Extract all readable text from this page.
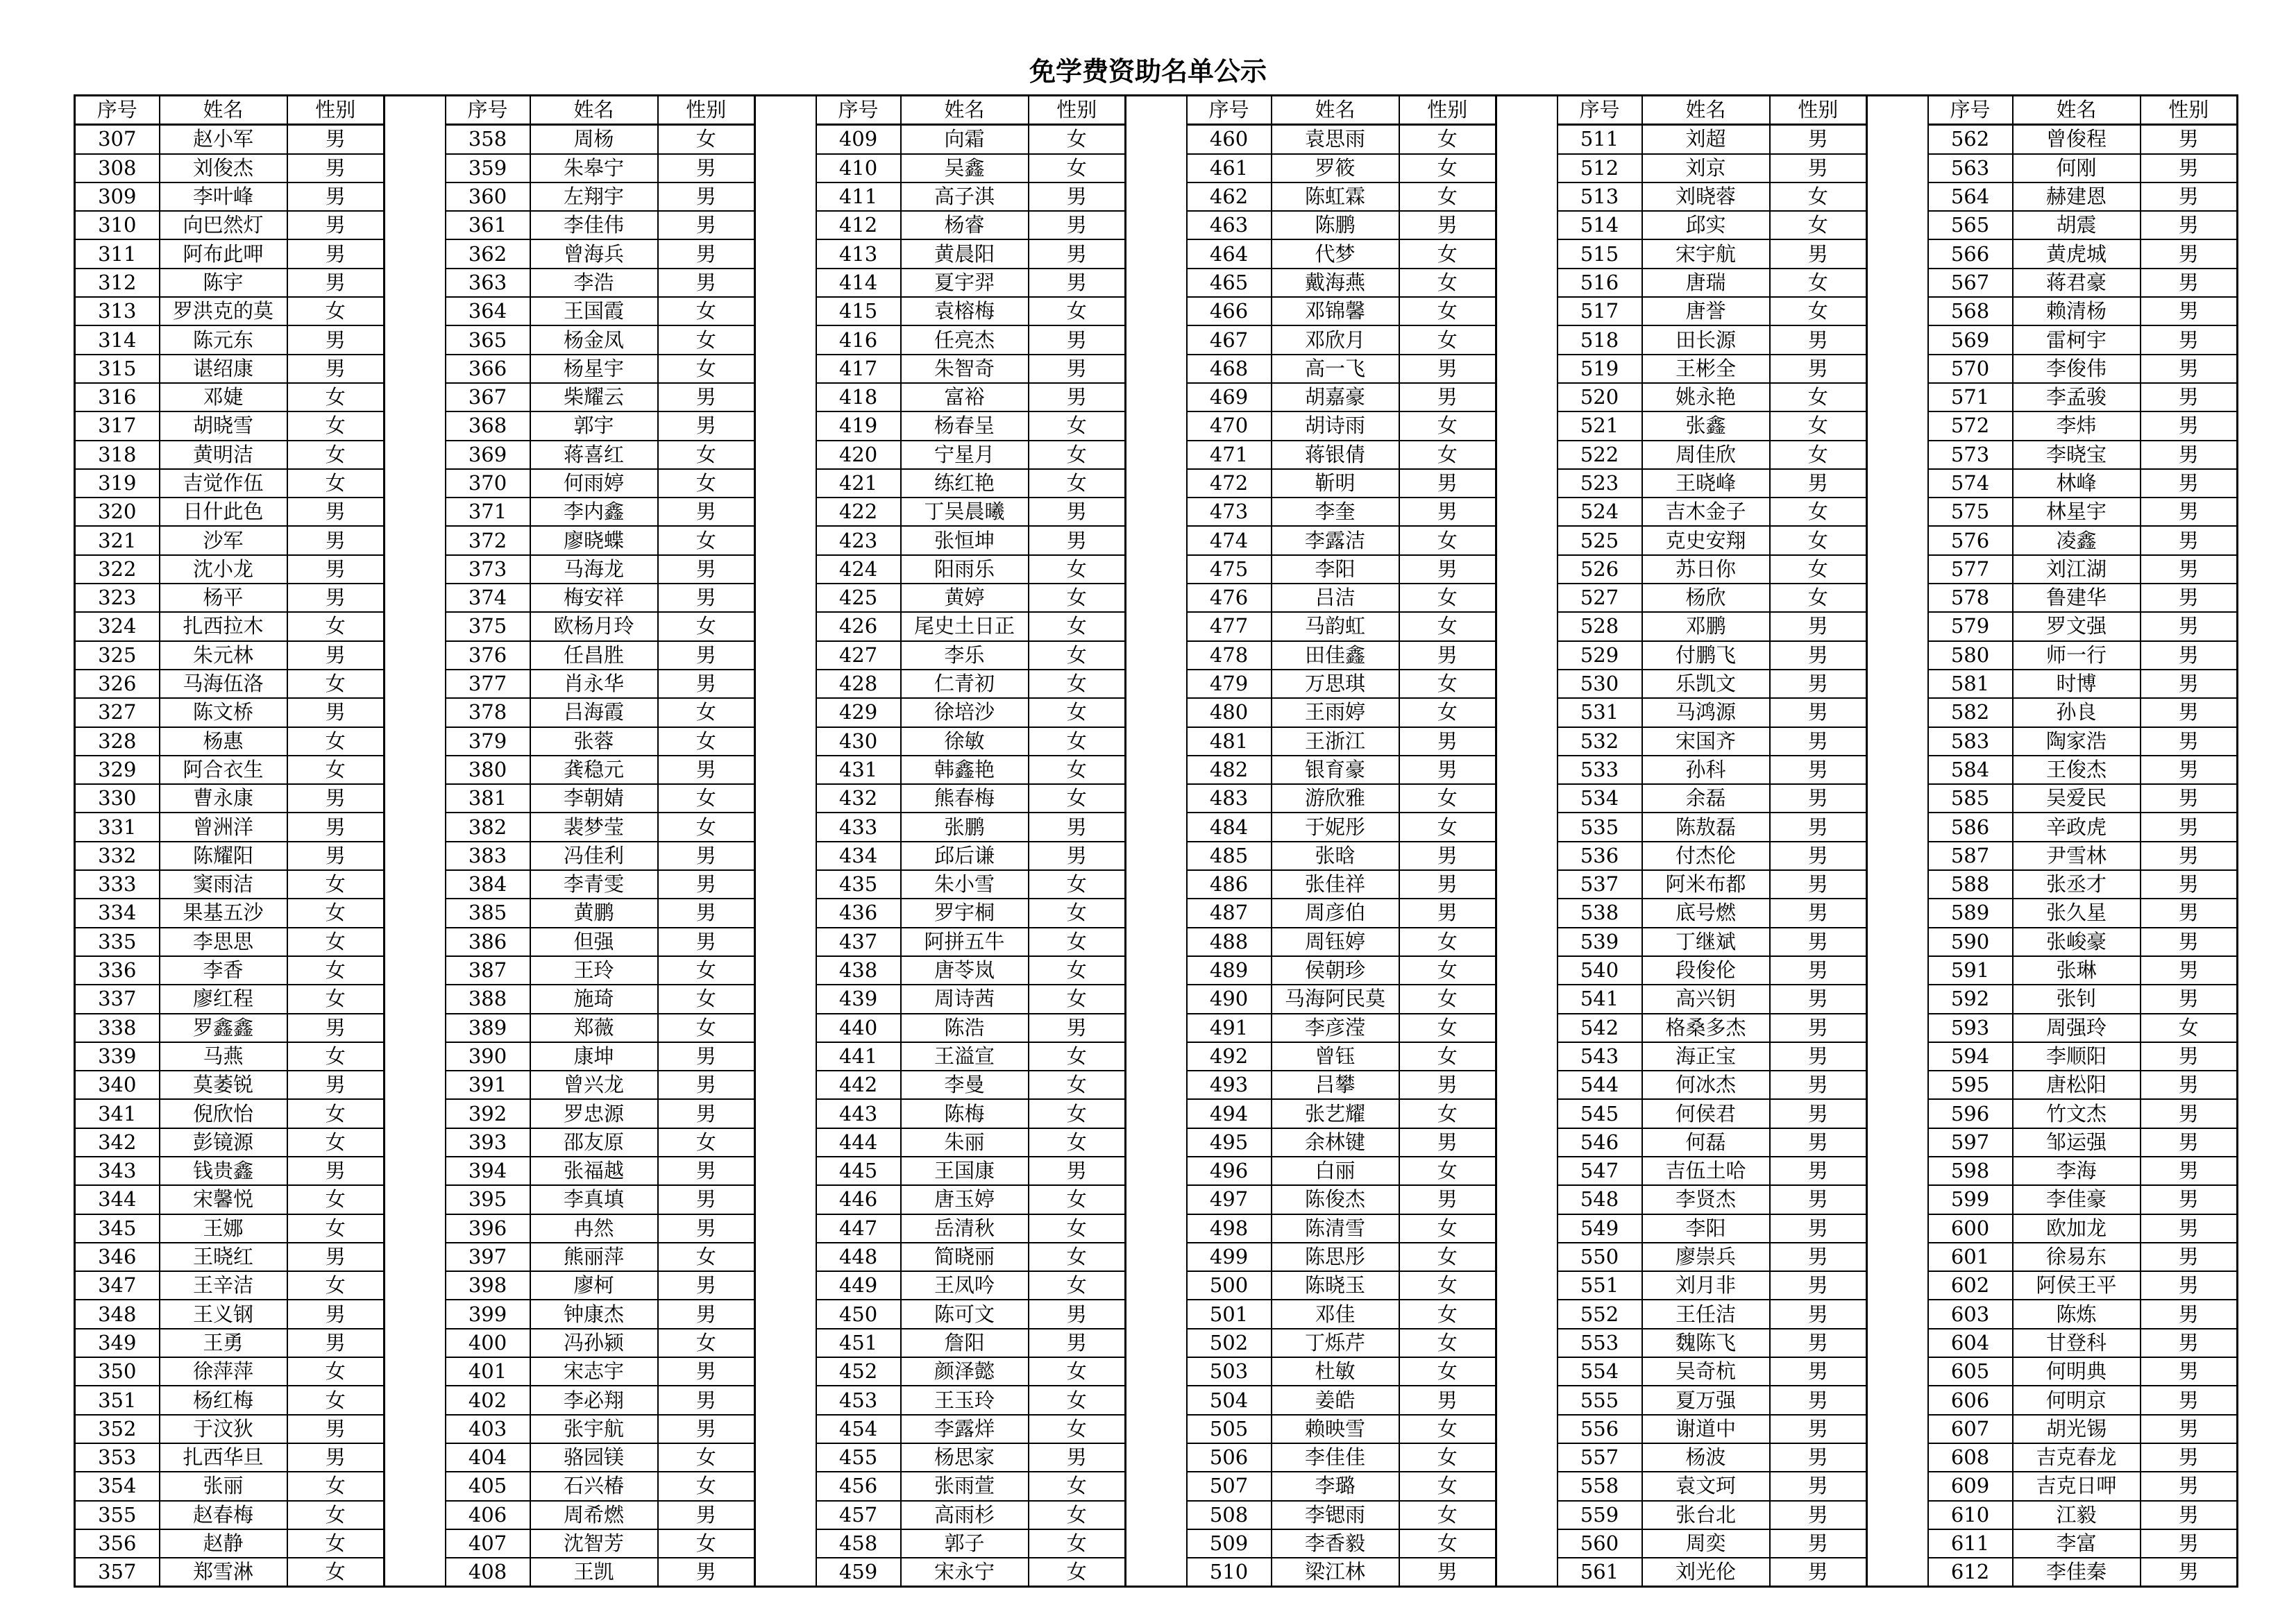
免学费资助名单公示
序号	姓名	性别		序号	姓名	性别		序号	姓名	性别		序号	姓名	性别		序号	姓名	性别		序号	姓名	性别
307	赵小军	男		358	周杨	女		409	向霜	女		460	袁思雨	女		511	刘超	男		562	曾俊程	男
308	刘俊杰	男		359	朱皋宁	男		410	吴鑫	女		461	罗筱	女		512	刘京	男		563	何刚	男
309	李叶峰	男		360	左翔宇	男		411	高子淇	男		462	陈虹霖	女		513	刘晓蓉	女		564	赫建恩	男
310	向巴然灯	男		361	李佳伟	男		412	杨睿	男		463	陈鹏	男		514	邱实	女		565	胡震	男
311	阿布此呷	男		362	曾海兵	男		413	黄晨阳	男		464	代梦	女		515	宋宇航	男		566	黄虎城	男
312	陈宇	男		363	李浩	男		414	夏宇羿	男		465	戴海燕	女		516	唐瑞	女		567	蒋君豪	男
313	罗洪克的莫	女		364	王国霞	女		415	袁榕梅	女		466	邓锦馨	女		517	唐誉	女		568	赖清杨	男
314	陈元东	男		365	杨金凤	女		416	任亮杰	男		467	邓欣月	女		518	田长源	男		569	雷柯宇	男
315	谌绍康	男		366	杨星宇	女		417	朱智奇	男		468	高一飞	男		519	王彬全	男		570	李俊伟	男
316	邓婕	女		367	柴耀云	男		418	富裕	男		469	胡嘉豪	男		520	姚永艳	女		571	李孟骏	男
317	胡晓雪	女		368	郭宇	男		419	杨春呈	女		470	胡诗雨	女		521	张鑫	女		572	李炜	男
318	黄明洁	女		369	蒋喜红	女		420	宁星月	女		471	蒋银倩	女		522	周佳欣	女		573	李晓宝	男
319	吉觉作伍	女		370	何雨婷	女		421	练红艳	女		472	靳明	男		523	王晓峰	男		574	林峰	男
320	日什此色	男		371	李内鑫	男		422	丁吴晨曦	男		473	李奎	男		524	吉木金子	女		575	林星宇	男
321	沙军	男		372	廖晓蝶	女		423	张恒坤	男		474	李露洁	女		525	克史安翔	女		576	凌鑫	男
322	沈小龙	男		373	马海龙	男		424	阳雨乐	女		475	李阳	男		526	苏日你	女		577	刘江湖	男
323	杨平	男		374	梅安祥	男		425	黄婷	女		476	吕洁	女		527	杨欣	女		578	鲁建华	男
324	扎西拉木	女		375	欧杨月玲	女		426	尾史土日正	女		477	马韵虹	女		528	邓鹏	男		579	罗文强	男
325	朱元林	男		376	任昌胜	男		427	李乐	女		478	田佳鑫	男		529	付鹏飞	男		580	师一行	男
326	马海伍洛	女		377	肖永华	男		428	仁青初	女		479	万思琪	女		530	乐凯文	男		581	时博	男
327	陈文桥	男		378	吕海霞	女		429	徐培沙	女		480	王雨婷	女		531	马鸿源	男		582	孙良	男
328	杨惠	女		379	张蓉	女		430	徐敏	女		481	王浙江	男		532	宋国齐	男		583	陶家浩	男
329	阿合衣生	女		380	龚稳元	男		431	韩鑫艳	女		482	银育豪	男		533	孙科	男		584	王俊杰	男
330	曹永康	男		381	李朝婧	女		432	熊春梅	女		483	游欣雅	女		534	余磊	男		585	吴爱民	男
331	曾洲洋	男		382	裴梦莹	女		433	张鹏	男		484	于妮彤	女		535	陈敖磊	男		586	辛政虎	男
332	陈耀阳	男		383	冯佳利	男		434	邱后谦	男		485	张晗	男		536	付杰伦	男		587	尹雪林	男
333	窦雨洁	女		384	李青雯	男		435	朱小雪	女		486	张佳祥	男		537	阿米布都	男		588	张丞才	男
334	果基五沙	女		385	黄鹏	男		436	罗宇桐	女		487	周彦伯	男		538	底号燃	男		589	张久星	男
335	李思思	女		386	但强	男		437	阿拼五牛	女		488	周钰婷	女		539	丁继斌	男		590	张峻豪	男
336	李香	女		387	王玲	女		438	唐苓岚	女		489	侯朝珍	女		540	段俊伦	男		591	张琳	男
337	廖红程	女		388	施琦	女		439	周诗茜	女		490	马海阿民莫	女		541	高兴钥	男		592	张钊	男
338	罗鑫鑫	男		389	郑薇	女		440	陈浩	男		491	李彦滢	女		542	格桑多杰	男		593	周强玲	女
339	马燕	女		390	康坤	男		441	王溢宣	女		492	曾钰	女		543	海正宝	男		594	李顺阳	男
340	莫萎锐	男		391	曾兴龙	男		442	李曼	女		493	吕攀	男		544	何冰杰	男		595	唐松阳	男
341	倪欣怡	女		392	罗忠源	男		443	陈梅	女		494	张艺耀	女		545	何侯君	男		596	竹文杰	男
342	彭镜源	女		393	邵友原	女		444	朱丽	女		495	余林键	男		546	何磊	男		597	邹运强	男
343	钱贵鑫	男		394	张福越	男		445	王国康	男		496	白丽	女		547	吉伍土哈	男		598	李海	男
344	宋馨悦	女		395	李真填	男		446	唐玉婷	女		497	陈俊杰	男		548	李贤杰	男		599	李佳豪	男
345	王娜	女		396	冉然	男		447	岳清秋	女		498	陈清雪	女		549	李阳	男		600	欧加龙	男
346	王晓红	男		397	熊丽萍	女		448	简晓丽	女		499	陈思彤	女		550	廖崇兵	男		601	徐易东	男
347	王辛洁	女		398	廖柯	男		449	王凤吟	女		500	陈晓玉	女		551	刘月非	男		602	阿侯王平	男
348	王义钢	男		399	钟康杰	男		450	陈可文	男		501	邓佳	女		552	王任洁	男		603	陈炼	男
349	王勇	男		400	冯孙颍	女		451	詹阳	男		502	丁烁芹	女		553	魏陈飞	男		604	甘登科	男
350	徐萍萍	女		401	宋志宇	男		452	颜泽懿	女		503	杜敏	女		554	吴奇杭	男		605	何明典	男
351	杨红梅	女		402	李必翔	男		453	王玉玲	女		504	姜皓	男		555	夏万强	男		606	何明京	男
352	于汶狄	男		403	张宇航	男		454	李露烊	女		505	赖映雪	女		556	谢道中	男		607	胡光锡	男
353	扎西华旦	男		404	骆园镁	女		455	杨思家	男		506	李佳佳	女		557	杨波	男		608	吉克春龙	男
354	张丽	女		405	石兴椿	女		456	张雨萱	女		507	李璐	女		558	袁文珂	男		609	吉克日呷	男
355	赵春梅	女		406	周希燃	男		457	高雨杉	女		508	李锶雨	女		559	张台北	男		610	江毅	男
356	赵静	女		407	沈智芳	女		458	郭子	女		509	李香毅	女		560	周奕	男		611	李富	男
357	郑雪淋	女		408	王凯	男		459	宋永宁	女		510	梁江林	男		561	刘光伦	男		612	李佳秦	男
